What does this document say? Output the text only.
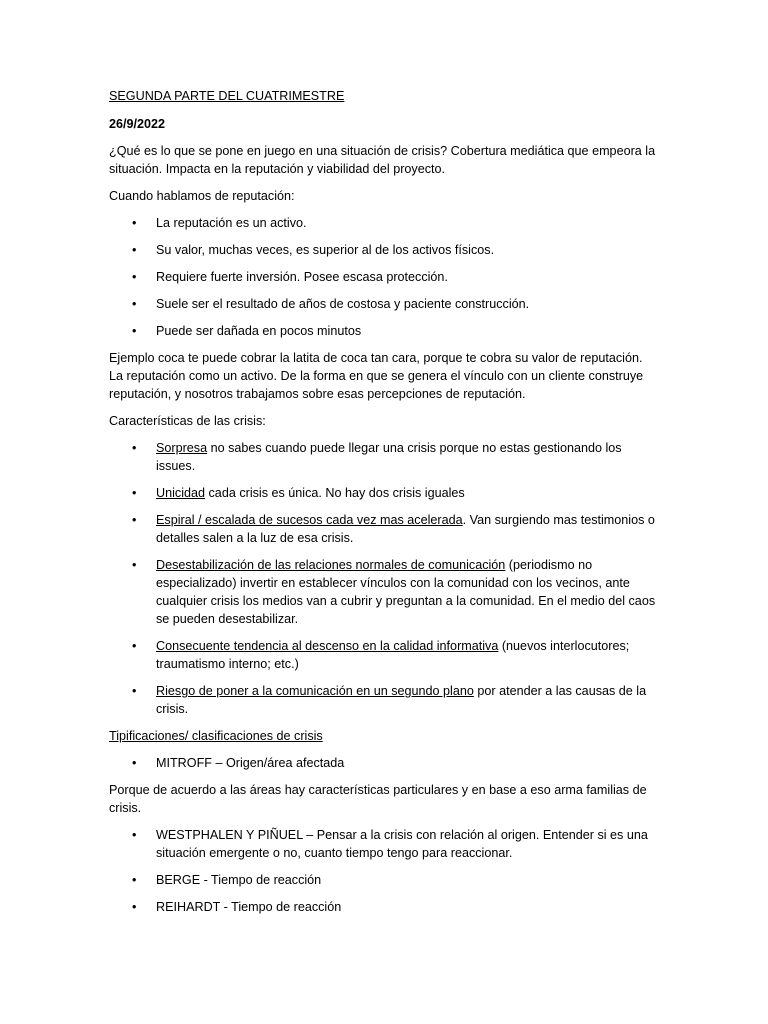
SEGUNDA PARTE DEL CUATRIMESTRE

26/9/2022

¿Qué es lo que se pone en juego en una situación de crisis? Cobertura mediática que empeora la situación. Impacta en la reputación y viabilidad del proyecto.

Cuando hablamos de reputación:

• La reputación es un activo.
• Su valor, muchas veces, es superior al de los activos físicos.
• Requiere fuerte inversión. Posee escasa protección.
• Suele ser el resultado de años de costosa y paciente construcción.
• Puede ser dañada en pocos minutos

Ejemplo coca te puede cobrar la latita de coca tan cara, porque te cobra su valor de reputación. La reputación como un activo. De la forma en que se genera el vínculo con un cliente construye reputación, y nosotros trabajamos sobre esas percepciones de reputación.

Características de las crisis:

• Sorpresa no sabes cuando puede llegar una crisis porque no estas gestionando los issues.
• Unicidad cada crisis es única. No hay dos crisis iguales
• Espiral / escalada de sucesos cada vez mas acelerada. Van surgiendo mas testimonios o detalles salen a la luz de esa crisis.
• Desestabilización de las relaciones normales de comunicación (periodismo no especializado) invertir en establecer vínculos con la comunidad con los vecinos, ante cualquier crisis los medios van a cubrir y preguntan a la comunidad. En el medio del caos se pueden desestabilizar.
• Consecuente tendencia al descenso en la calidad informativa (nuevos interlocutores; traumatismo interno; etc.)
• Riesgo de poner a la comunicación en un segundo plano por atender a las causas de la crisis.

Tipificaciones/ clasificaciones de crisis

• MITROFF – Origen/área afectada

Porque de acuerdo a las áreas hay características particulares y en base a eso arma familias de crisis.

• WESTPHALEN Y PIÑUEL – Pensar a la crisis con relación al origen. Entender si es una situación emergente o no, cuanto tiempo tengo para reaccionar.
• BERGE - Tiempo de reacción
• REIHARDT - Tiempo de reacción
